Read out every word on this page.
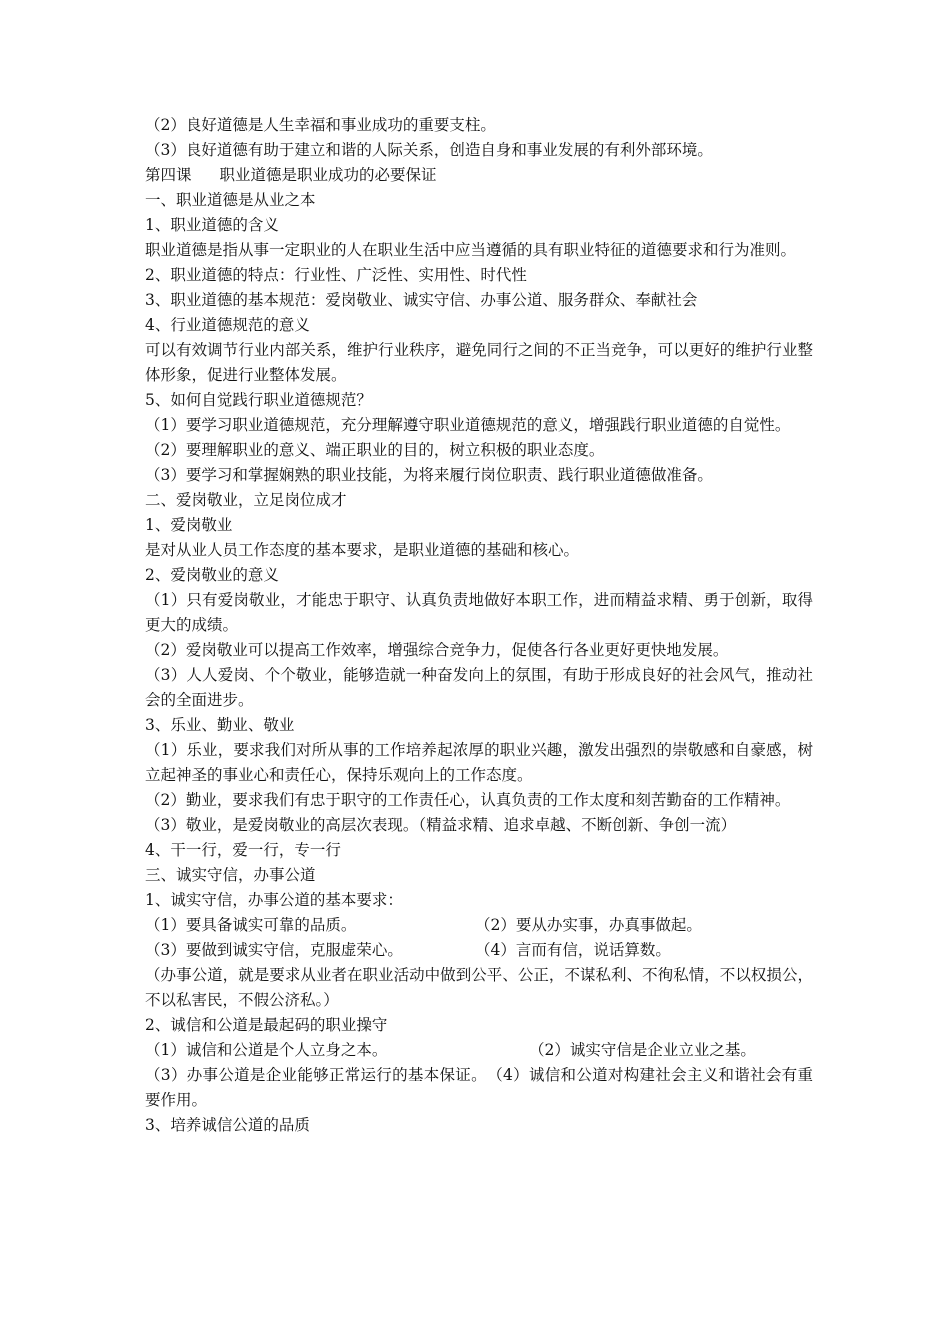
（2）良好道德是人生幸福和事业成功的重要支柱。
（3）良好道德有助于建立和谐的人际关系，创造自身和事业发展的有利外部环境。
第四课 职业道德是职业成功的必要保证
一、职业道德是从业之本
1、职业道德的含义
职业道德是指从事一定职业的人在职业生活中应当遵循的具有职业特征的道德要求和行为准则。
2、职业道德的特点：行业性、广泛性、实用性、时代性
3、职业道德的基本规范：爱岗敬业、诚实守信、办事公道、服务群众、奉献社会
4、行业道德规范的意义
可以有效调节行业内部关系，维护行业秩序，避免同行之间的不正当竞争，可以更好的维护行业整体形象，促进行业整体发展。
5、如何自觉践行职业道德规范？
（1）要学习职业道德规范，充分理解遵守职业道德规范的意义，增强践行职业道德的自觉性。
（2）要理解职业的意义、端正职业的目的，树立积极的职业态度。
（3）要学习和掌握娴熟的职业技能，为将来履行岗位职责、践行职业道德做准备。
二、爱岗敬业，立足岗位成才
1、爱岗敬业
是对从业人员工作态度的基本要求，是职业道德的基础和核心。
2、爱岗敬业的意义
（1）只有爱岗敬业，才能忠于职守、认真负责地做好本职工作，进而精益求精、勇于创新，取得更大的成绩。
（2）爱岗敬业可以提高工作效率，增强综合竞争力，促使各行各业更好更快地发展。
（3）人人爱岗、个个敬业，能够造就一种奋发向上的氛围，有助于形成良好的社会风气，推动社会的全面进步。
3、乐业、勤业、敬业
（1）乐业，要求我们对所从事的工作培养起浓厚的职业兴趣，激发出强烈的崇敬感和自豪感，树立起神圣的事业心和责任心，保持乐观向上的工作态度。
（2）勤业，要求我们有忠于职守的工作责任心，认真负责的工作太度和刻苦勤奋的工作精神。
（3）敬业，是爱岗敬业的高层次表现。（精益求精、追求卓越、不断创新、争创一流）
4、干一行，爱一行，专一行
三、诚实守信，办事公道
1、诚实守信，办事公道的基本要求：
（1）要具备诚实可靠的品质。	（2）要从办实事，办真事做起。
（3）要做到诚实守信，克服虚荣心。	（4）言而有信，说话算数。
（办事公道，就是要求从业者在职业活动中做到公平、公正，不谋私利、不徇私情，不以权损公，不以私害民，不假公济私。）
2、诚信和公道是最起码的职业操守
（1）诚信和公道是个人立身之本。	（2）诚实守信是企业立业之基。
（3）办事公道是企业能够正常运行的基本保证。　 （4）诚信和公道对构建社会主义和谐社会有重要作用。
3、培养诚信公道的品质
